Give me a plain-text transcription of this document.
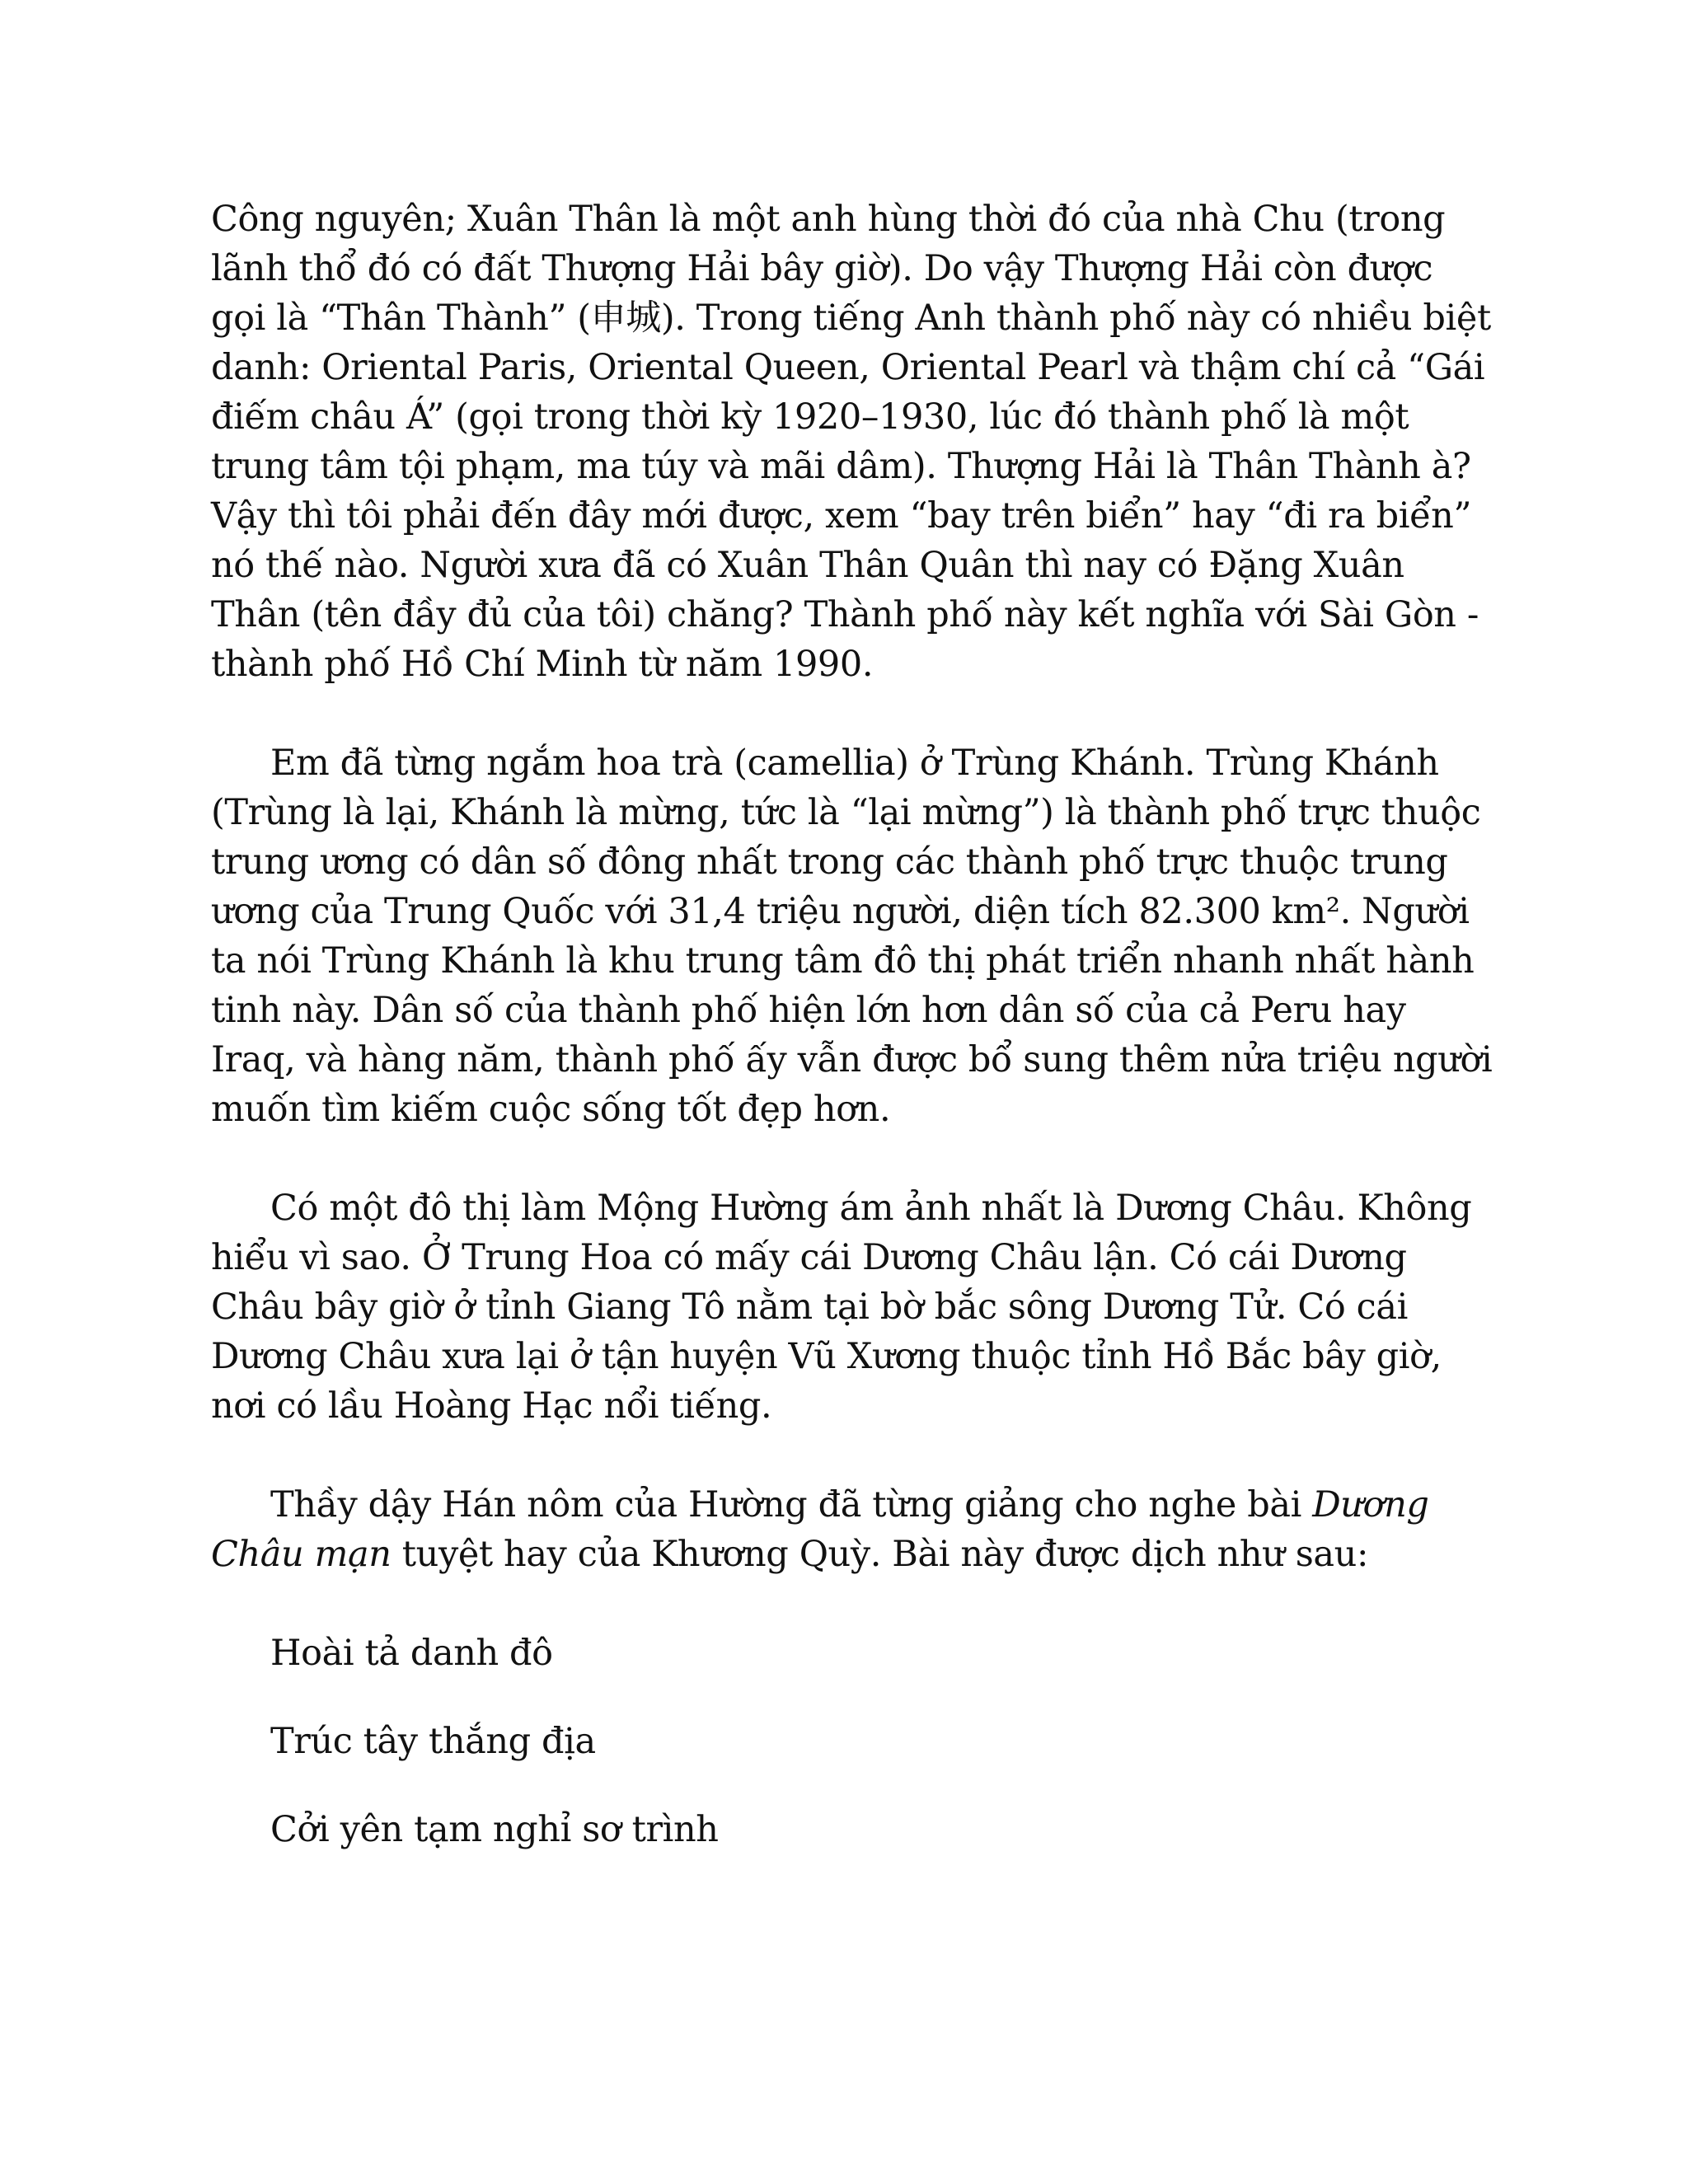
Công nguyên; Xuân Thân là một anh hùng thời đó của nhà Chu (trong lãnh thổ đó có đất Thượng Hải bây giờ). Do vậy Thượng Hải còn được gọi là “Thân Thành” (申城). Trong tiếng Anh thành phố này có nhiều biệt danh: Oriental Paris, Oriental Queen, Oriental Pearl và thậm chí cả “Gái điếm châu Á” (gọi trong thời kỳ 1920–1930, lúc đó thành phố là một trung tâm tội phạm, ma túy và mãi dâm). Thượng Hải là Thân Thành à? Vậy thì tôi phải đến đây mới được, xem “bay trên biển” hay “đi ra biển” nó thế nào. Người xưa đã có Xuân Thân Quân thì nay có Đặng Xuân Thân (tên đầy đủ của tôi) chăng? Thành phố này kết nghĩa với Sài Gòn - thành phố Hồ Chí Minh từ năm 1990.

Em đã từng ngắm hoa trà (camellia) ở Trùng Khánh. Trùng Khánh (Trùng là lại, Khánh là mừng, tức là “lại mừng”) là thành phố trực thuộc trung ương có dân số đông nhất trong các thành phố trực thuộc trung ương của Trung Quốc với 31,4 triệu người, diện tích 82.300 km². Người ta nói Trùng Khánh là khu trung tâm đô thị phát triển nhanh nhất hành tinh này. Dân số của thành phố hiện lớn hơn dân số của cả Peru hay Iraq, và hàng năm, thành phố ấy vẫn được bổ sung thêm nửa triệu người muốn tìm kiếm cuộc sống tốt đẹp hơn.

Có một đô thị làm Mộng Hường ám ảnh nhất là Dương Châu. Không hiểu vì sao. Ở Trung Hoa có mấy cái Dương Châu lận. Có cái Dương Châu bây giờ ở tỉnh Giang Tô nằm tại bờ bắc sông Dương Tử. Có cái Dương Châu xưa lại ở tận huyện Vũ Xương thuộc tỉnh Hồ Bắc bây giờ, nơi có lầu Hoàng Hạc nổi tiếng.

Thầy dậy Hán nôm của Hường đã từng giảng cho nghe bài Dương Châu mạn tuyệt hay của Khương Quỳ. Bài này được dịch như sau:

Hoài tả danh đô

Trúc tây thắng địa

Cởi yên tạm nghỉ sơ trình
